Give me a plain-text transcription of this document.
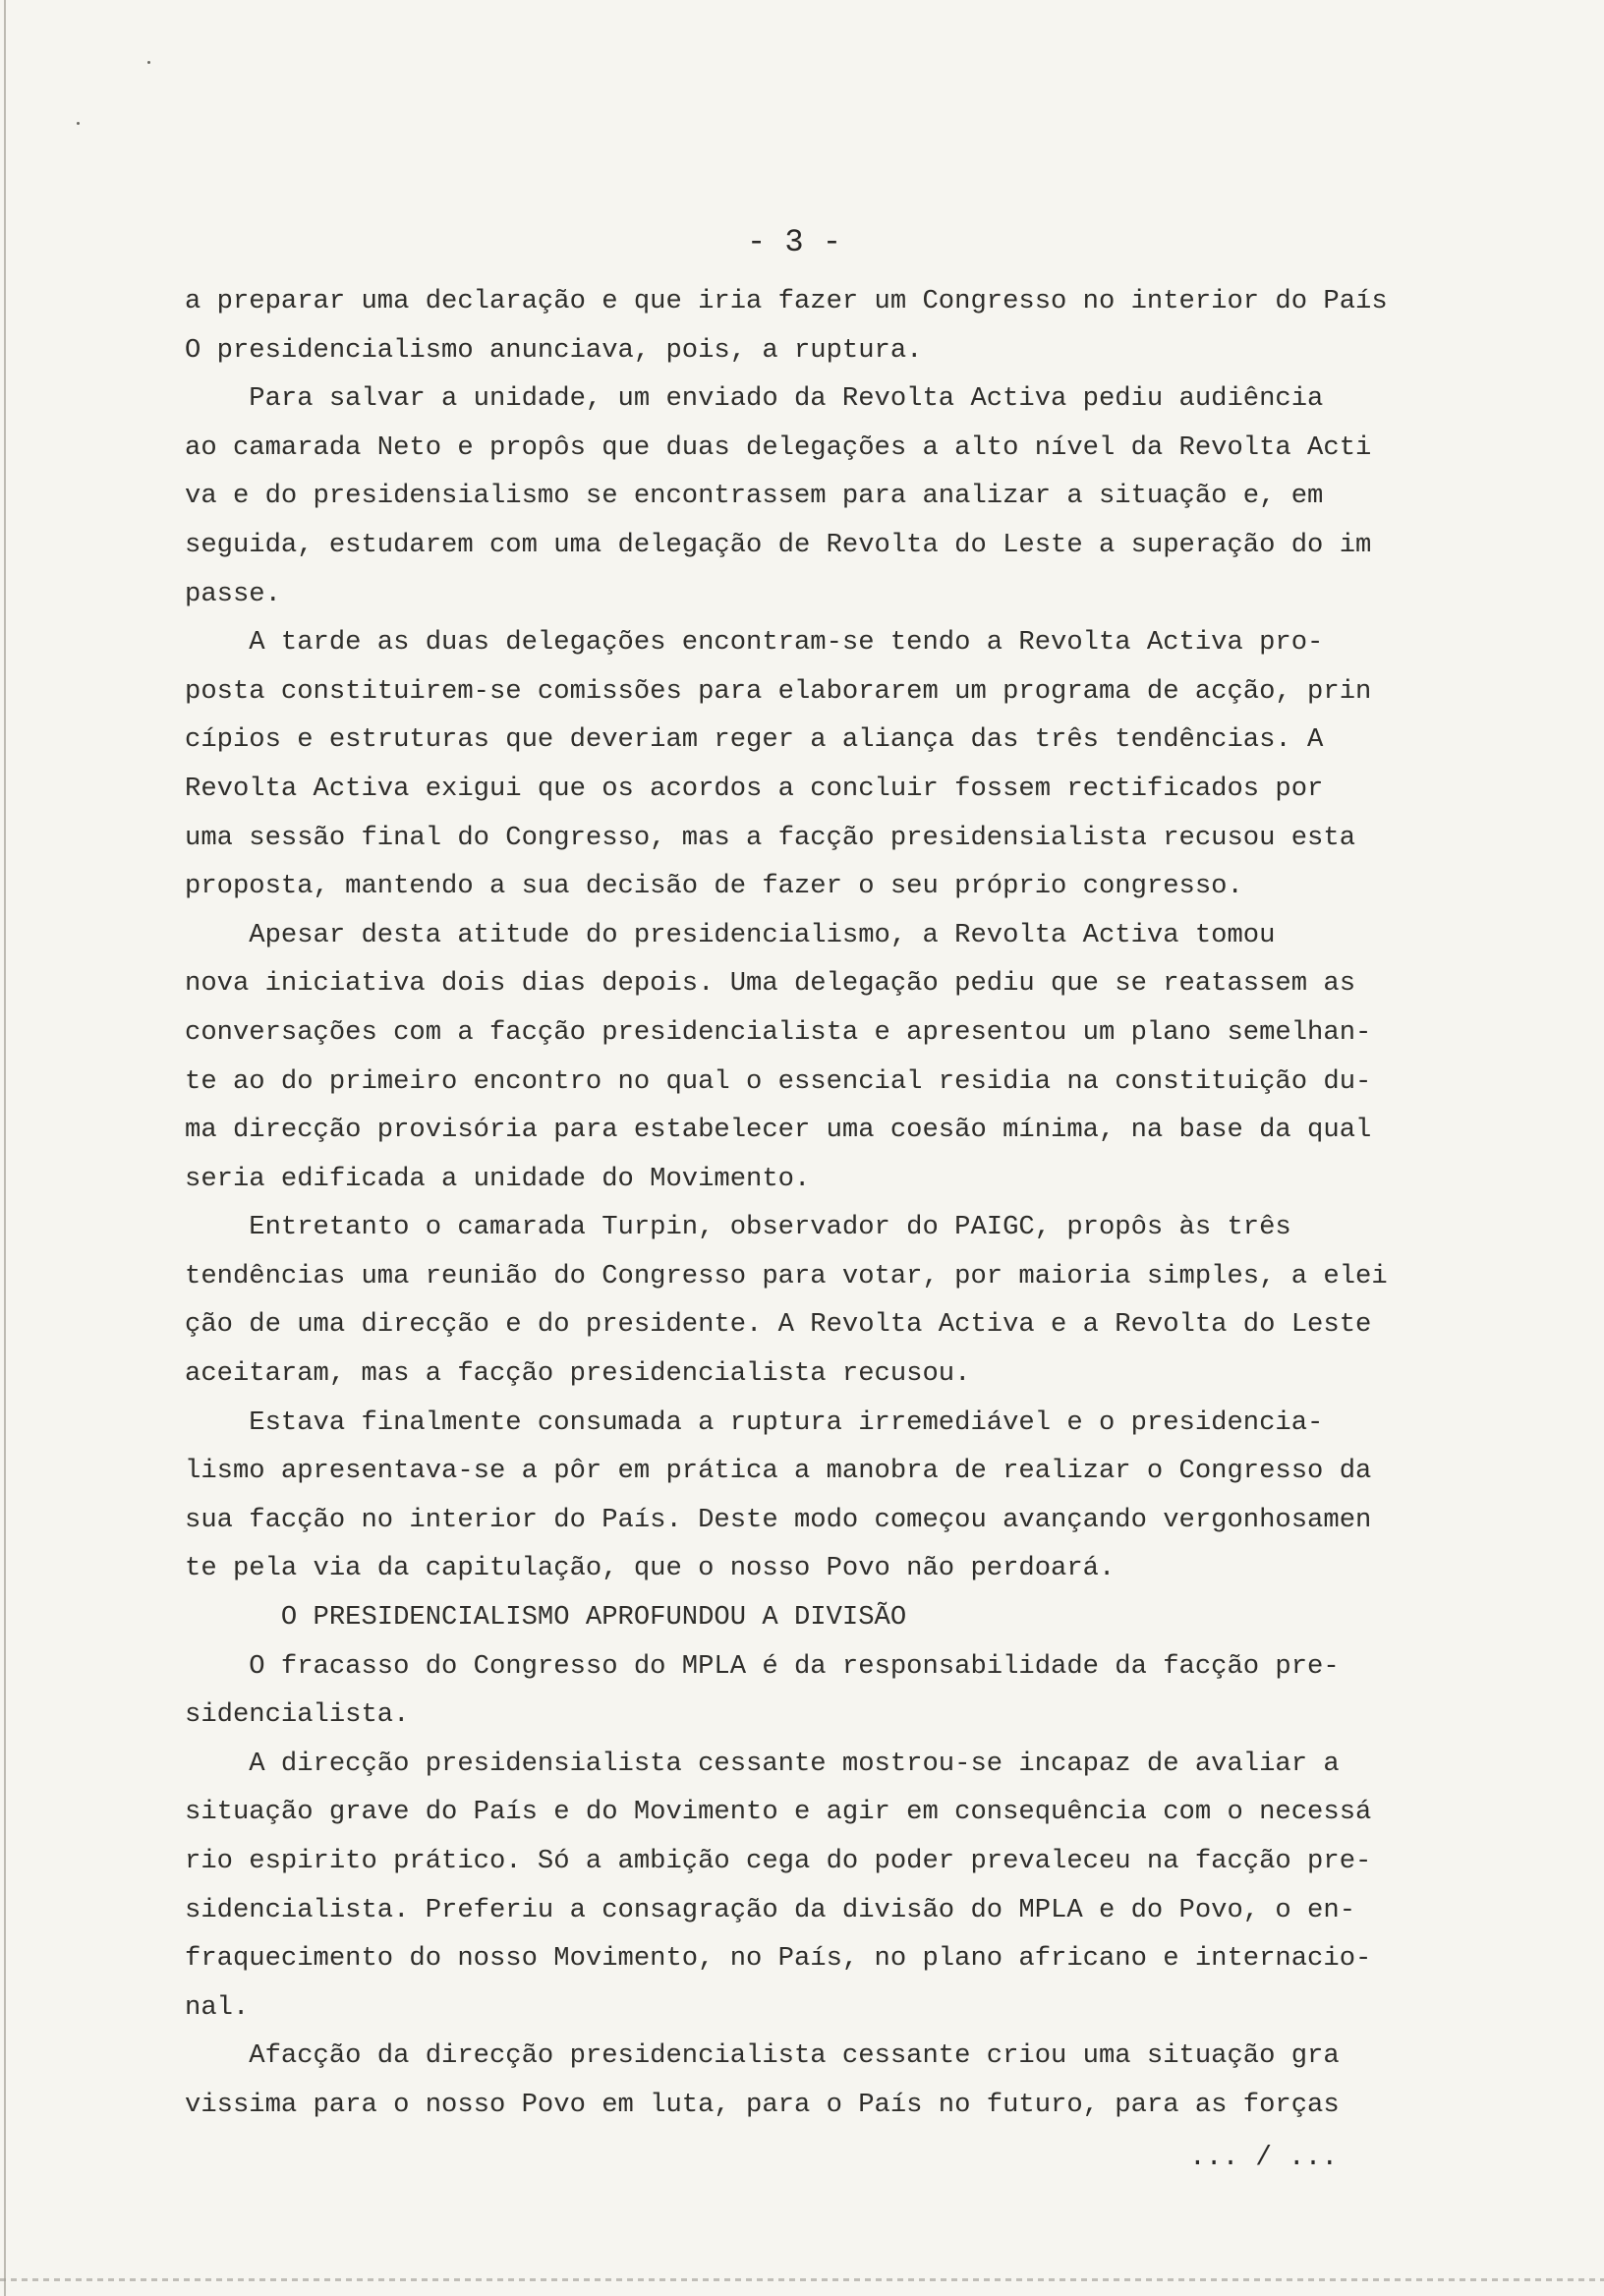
- 3 -
a preparar uma declaração e que iria fazer um Congresso no interior do País
O presidencialismo anunciava, pois, a ruptura.
Para salvar a unidade, um enviado da Revolta Activa pediu audiência
ao camarada Neto e propôs que duas delegações a alto nível da Revolta Acti
va e do presidensialismo se encontrassem para analizar a situação e, em
seguida, estudarem com uma delegação de Revolta do Leste a superação do im
passe.
A tarde as duas delegações encontram-se tendo a Revolta Activa pro-
posta constituirem-se comissões para elaborarem um programa de acção, prin
cípios e estruturas que deveriam reger a aliança das três tendências. A
Revolta Activa exigui que os acordos a concluir fossem rectificados por
uma sessão final do Congresso, mas a facção presidensialista recusou esta
proposta, mantendo a sua decisão de fazer o seu próprio congresso.
Apesar desta atitude do presidencialismo, a Revolta Activa tomou
nova iniciativa dois dias depois. Uma delegação pediu que se reatassem as
conversações com a facção presidencialista e apresentou um plano semelhan-
te ao do primeiro encontro no qual o essencial residia na constituição du-
ma direcção provisória para estabelecer uma coesão mínima, na base da qual
seria edificada a unidade do Movimento.
Entretanto o camarada Turpin, observador do PAIGC, propôs às três
tendências uma reunião do Congresso para votar, por maioria simples, a elei
ção de uma direcção e do presidente. A Revolta Activa e a Revolta do Leste
aceitaram, mas a facção presidencialista recusou.
Estava finalmente consumada a ruptura irremediável e o presidencia-
lismo apresentava-se a pôr em prática a manobra de realizar o Congresso da
sua facção no interior do País. Deste modo começou avançando vergonhosamen
te pela via da capitulação, que o nosso Povo não perdoará.
O PRESIDENCIALISMO APROFUNDOU A DIVISÃO
O fracasso do Congresso do MPLA é da responsabilidade da facção pre-
sidencialista.
A direcção presidensialista cessante mostrou-se incapaz de avaliar a
situação grave do País e do Movimento e agir em consequência com o necessá
rio espirito prático. Só a ambição cega do poder prevaleceu na facção pre-
sidencialista. Preferiu a consagração da divisão do MPLA e do Povo, o en-
fraquecimento do nosso Movimento, no País, no plano africano e internacio-
nal.
Afacção da direcção presidencialista cessante criou uma situação gra
vissima para o nosso Povo em luta, para o País no futuro, para as forças
... / ...
